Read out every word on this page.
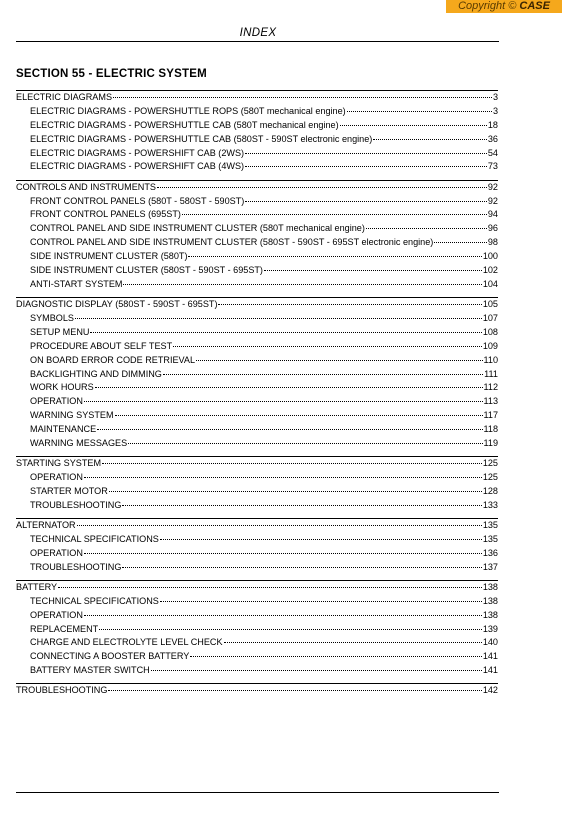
Copyright © CASE
INDEX
SECTION 55 - ELECTRIC SYSTEM
ELECTRIC DIAGRAMS	3
ELECTRIC DIAGRAMS - POWERSHUTTLE ROPS (580T mechanical engine)	3
ELECTRIC DIAGRAMS - POWERSHUTTLE CAB (580T mechanical engine)	18
ELECTRIC DIAGRAMS - POWERSHUTTLE CAB (580ST - 590ST electronic engine)	36
ELECTRIC DIAGRAMS - POWERSHIFT CAB (2WS)	54
ELECTRIC DIAGRAMS - POWERSHIFT CAB (4WS)	73
CONTROLS AND INSTRUMENTS	92
FRONT CONTROL PANELS (580T - 580ST - 590ST)	92
FRONT CONTROL PANELS (695ST)	94
CONTROL PANEL AND SIDE INSTRUMENT CLUSTER (580T mechanical engine)	96
CONTROL PANEL AND SIDE INSTRUMENT CLUSTER (580ST - 590ST - 695ST electronic engine)	98
SIDE INSTRUMENT CLUSTER (580T)	100
SIDE INSTRUMENT CLUSTER (580ST - 590ST - 695ST)	102
ANTI-START SYSTEM	104
DIAGNOSTIC DISPLAY (580ST - 590ST - 695ST)	105
SYMBOLS	107
SETUP MENU	108
PROCEDURE ABOUT SELF TEST	109
ON BOARD ERROR CODE RETRIEVAL	110
BACKLIGHTING AND DIMMING	111
WORK HOURS	112
OPERATION	113
WARNING SYSTEM	117
MAINTENANCE	118
WARNING MESSAGES	119
STARTING SYSTEM	125
OPERATION	125
STARTER MOTOR	128
TROUBLESHOOTING	133
ALTERNATOR	135
TECHNICAL SPECIFICATIONS	135
OPERATION	136
TROUBLESHOOTING	137
BATTERY	138
TECHNICAL SPECIFICATIONS	138
OPERATION	138
REPLACEMENT	139
CHARGE AND ELECTROLYTE LEVEL CHECK	140
CONNECTING A BOOSTER BATTERY	141
BATTERY MASTER SWITCH	141
TROUBLESHOOTING	142
